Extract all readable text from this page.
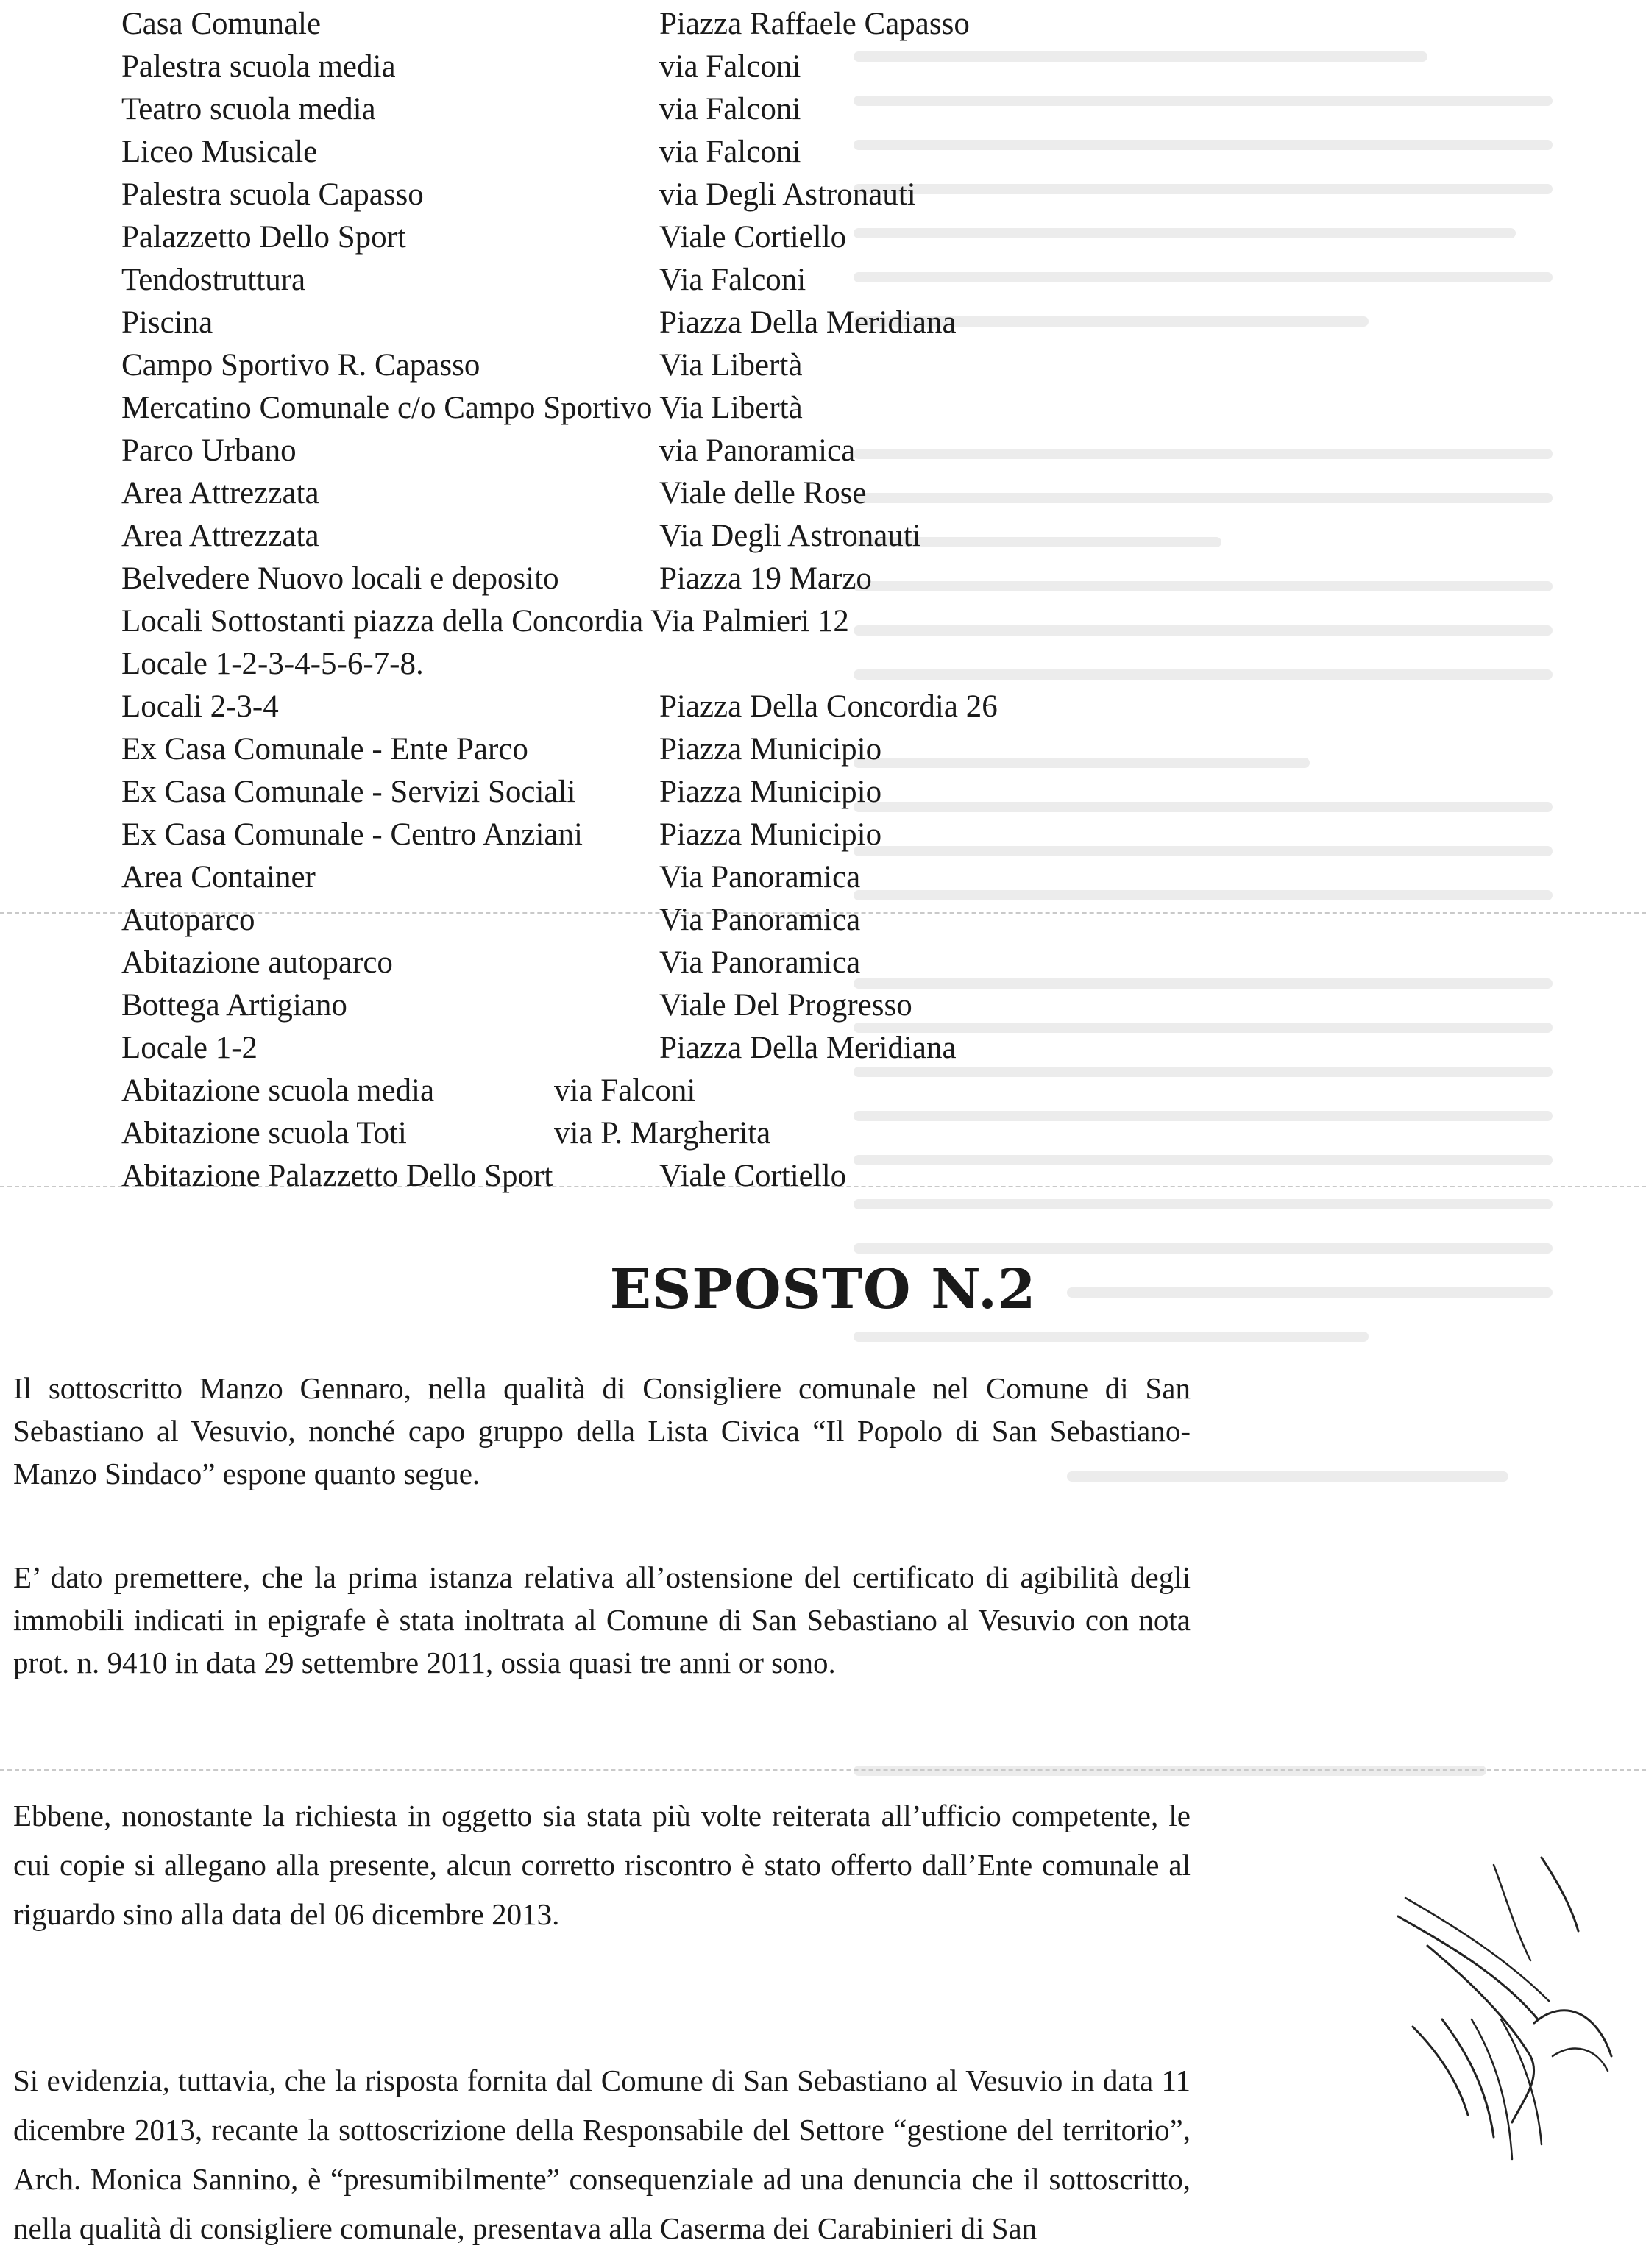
Casa Comunale	Piazza Raffaele Capasso
Palestra scuola media	via Falconi
Teatro scuola media	via Falconi
Liceo Musicale	via Falconi
Palestra scuola Capasso	via Degli Astronauti
Palazzetto Dello Sport	Viale Cortiello
Tendostruttura	Via Falconi
Piscina	Piazza Della Meridiana
Campo Sportivo R. Capasso	Via Libertà
Mercatino Comunale c/o Campo Sportivo Via Libertà
Parco Urbano	via Panoramica
Area Attrezzata	Viale delle Rose
Area Attrezzata	Via Degli Astronauti
Belvedere Nuovo locali e deposito	Piazza 19 Marzo
Locali Sottostanti piazza della Concordia Via Palmieri 12
Locale 1-2-3-4-5-6-7-8.
Locali 2-3-4	Piazza Della Concordia 26
Ex Casa Comunale - Ente Parco	Piazza Municipio
Ex Casa Comunale - Servizi Sociali	Piazza Municipio
Ex Casa Comunale - Centro Anziani Piazza Municipio
Area Container	Via Panoramica
Autoparco	Via Panoramica
Abitazione autoparco	Via Panoramica
Bottega Artigiano	Viale Del Progresso
Locale 1-2	Piazza Della Meridiana
Abitazione scuola media	via Falconi
Abitazione scuola Toti	via P. Margherita
Abitazione Palazzetto Dello Sport	Viale Cortiello
ESPOSTO N.2

Il sottoscritto Manzo Gennaro, nella qualità di Consigliere comunale nel Comune di San Sebastiano al Vesuvio, nonché capo gruppo della Lista Civica “Il Popolo di San Sebastiano-Manzo Sindaco” espone quanto segue.

E’ dato premettere, che la prima istanza relativa all’ostensione del certificato di agibilità degli immobili indicati in epigrafe è stata inoltrata al Comune di San Sebastiano al Vesuvio con nota prot. n. 9410 in data 29 settembre 2011, ossia quasi tre anni or sono.

Ebbene, nonostante la richiesta in oggetto sia stata più volte reiterata all’ufficio competente, le cui copie si allegano alla presente, alcun corretto riscontro è stato offerto dall’Ente comunale al riguardo sino alla data del 06 dicembre 2013.

Si evidenzia, tuttavia, che la risposta fornita dal Comune di San Sebastiano al Vesuvio in data 11 dicembre 2013, recante la sottoscrizione della Responsabile del Settore “gestione del territorio”, Arch. Monica Sannino, è “presumibilmente” consequenziale ad una denuncia che il sottoscritto, nella qualità di consigliere comunale, presentava alla Caserma dei Carabinieri di San
